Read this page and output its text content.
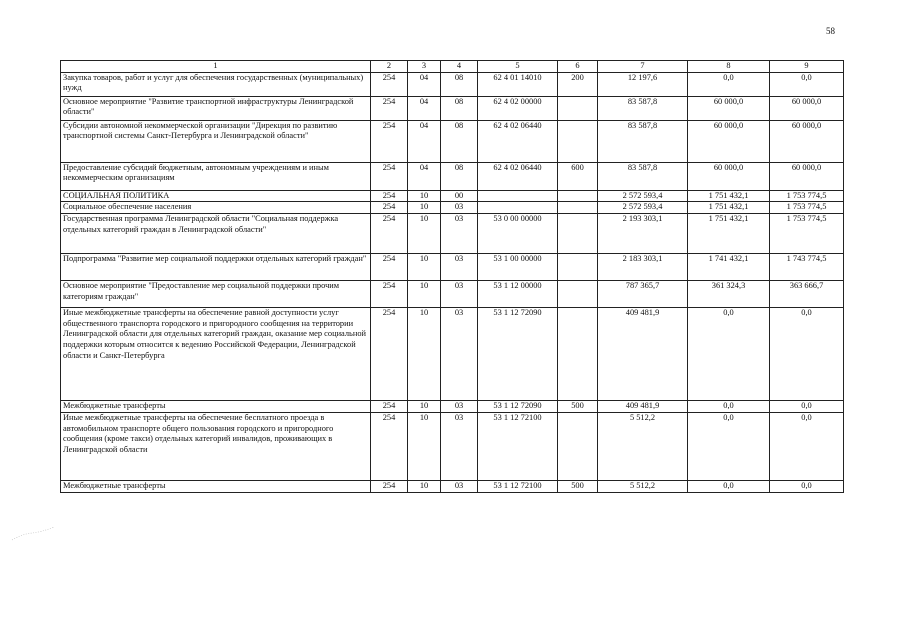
58
1	2	3	4	5	6	7	8	9
Закупка товаров, работ и услуг для обеспечения государственных (муниципальных) нужд	254	04	08	62 4 01 14010	200	12 197,6	0,0	0,0
Основное мероприятие "Развитие транспортной инфраструктуры Ленинградской области"	254	04	08	62 4 02 00000		83 587,8	60 000,0	60 000,0
Субсидии автономной некоммерческой организации "Дирекция по развитию транспортной системы Санкт-Петербурга и Ленинградской области"	254	04	08	62 4 02 06440		83 587,8	60 000,0	60 000,0
Предоставление субсидий бюджетным, автономным учреждениям и иным некоммерческим организациям	254	04	08	62 4 02 06440	600	83 587,8	60 000,0	60 000,0
СОЦИАЛЬНАЯ ПОЛИТИКА	254	10	00			2 572 593,4	1 751 432,1	1 753 774,5
Социальное обеспечение населения	254	10	03			2 572 593,4	1 751 432,1	1 753 774,5
Государственная программа Ленинградской области "Социальная поддержка отдельных категорий граждан в Ленинградской области"	254	10	03	53 0 00 00000		2 193 303,1	1 751 432,1	1 753 774,5
Подпрограмма "Развитие мер социальной поддержки отдельных категорий граждан"	254	10	03	53 1 00 00000		2 183 303,1	1 741 432,1	1 743 774,5
Основное мероприятие "Предоставление мер социальной поддержки прочим категориям граждан"	254	10	03	53 1 12 00000		787 365,7	361 324,3	363 666,7
Иные межбюджетные трансферты на обеспечение равной доступности услуг общественного транспорта городского и пригородного сообщения на территории Ленинградской области для отдельных категорий граждан, оказание мер социальной поддержки которым относится к ведению Российской Федерации, Ленинградской области и Санкт-Петербурга	254	10	03	53 1 12 72090		409 481,9	0,0	0,0
Межбюджетные трансферты	254	10	03	53 1 12 72090	500	409 481,9	0,0	0,0
Иные межбюджетные трансферты на обеспечение бесплатного проезда в автомобильном транспорте общего пользования городского и пригородного сообщения (кроме такси) отдельных категорий инвалидов, проживающих в Ленинградской области	254	10	03	53 1 12 72100		5 512,2	0,0	0,0
Межбюджетные трансферты	254	10	03	53 1 12 72100	500	5 512,2	0,0	0,0
